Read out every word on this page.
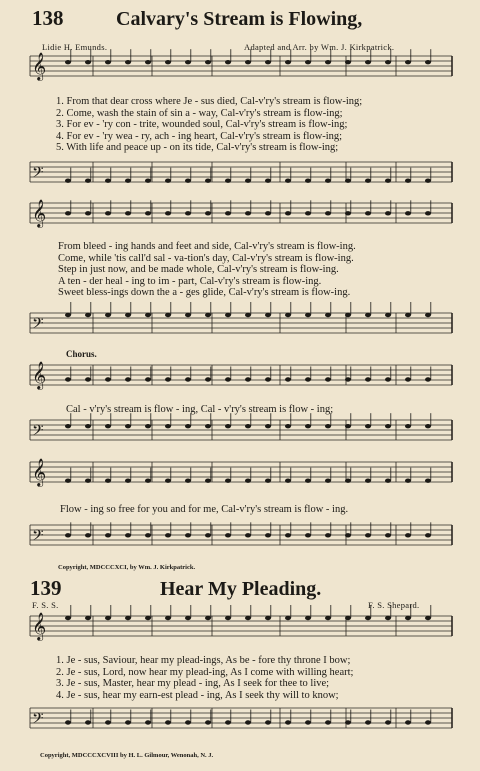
138	Calvary's Stream is Flowing,
Lidie H. Emunds.	Adapted and Arr. by Wm. J. Kirkpatrick.
𝄞
𝄢
𝄞
𝄢
𝄞
𝄢
𝄞
𝄢
𝄞
𝄢
1. From that dear cross where Je - sus died, Cal-v'ry's stream is flow-ing;
2. Come, wash the stain of sin a - way, Cal-v'ry's stream is flow-ing;
3. For ev - 'ry con - trite, wounded soul, Cal-v'ry's stream is flow-ing;
4. For ev - 'ry wea - ry, ach - ing heart, Cal-v'ry's stream is flow-ing;
5. With life and peace up - on its tide, Cal-v'ry's stream is flow-ing;
From bleed - ing hands and feet and side, Cal-v'ry's stream is flow-ing.
Come, while 'tis call'd sal - va-tion's day, Cal-v'ry's stream is flow-ing.
Step in just now, and be made whole, Cal-v'ry's stream is flow-ing.
A ten - der heal - ing to im - part, Cal-v'ry's stream is flow-ing.
Sweet bless-ings down the a - ges glide, Cal-v'ry's stream is flow-ing.
Chorus.
Cal - v'ry's stream is flow - ing, Cal - v'ry's stream is flow - ing;
Flow - ing so free for you and for me, Cal-v'ry's stream is flow - ing.
Copyright, MDCCCXCI, by Wm. J. Kirkpatrick.
139	Hear My Pleading.
F. S. S.	F. S. Shepard.
1. Je - sus, Saviour, hear my plead-ings, As be - fore thy throne I bow;
2. Je - sus, Lord, now hear my plead-ing, As I come with willing heart;
3. Je - sus, Master, hear my plead - ing, As I seek for thee to live;
4. Je - sus, hear my earn-est plead - ing, As I seek thy will to know;
Copyright, MDCCCXCVIII by H. L. Gilmour, Wenonah, N. J.
